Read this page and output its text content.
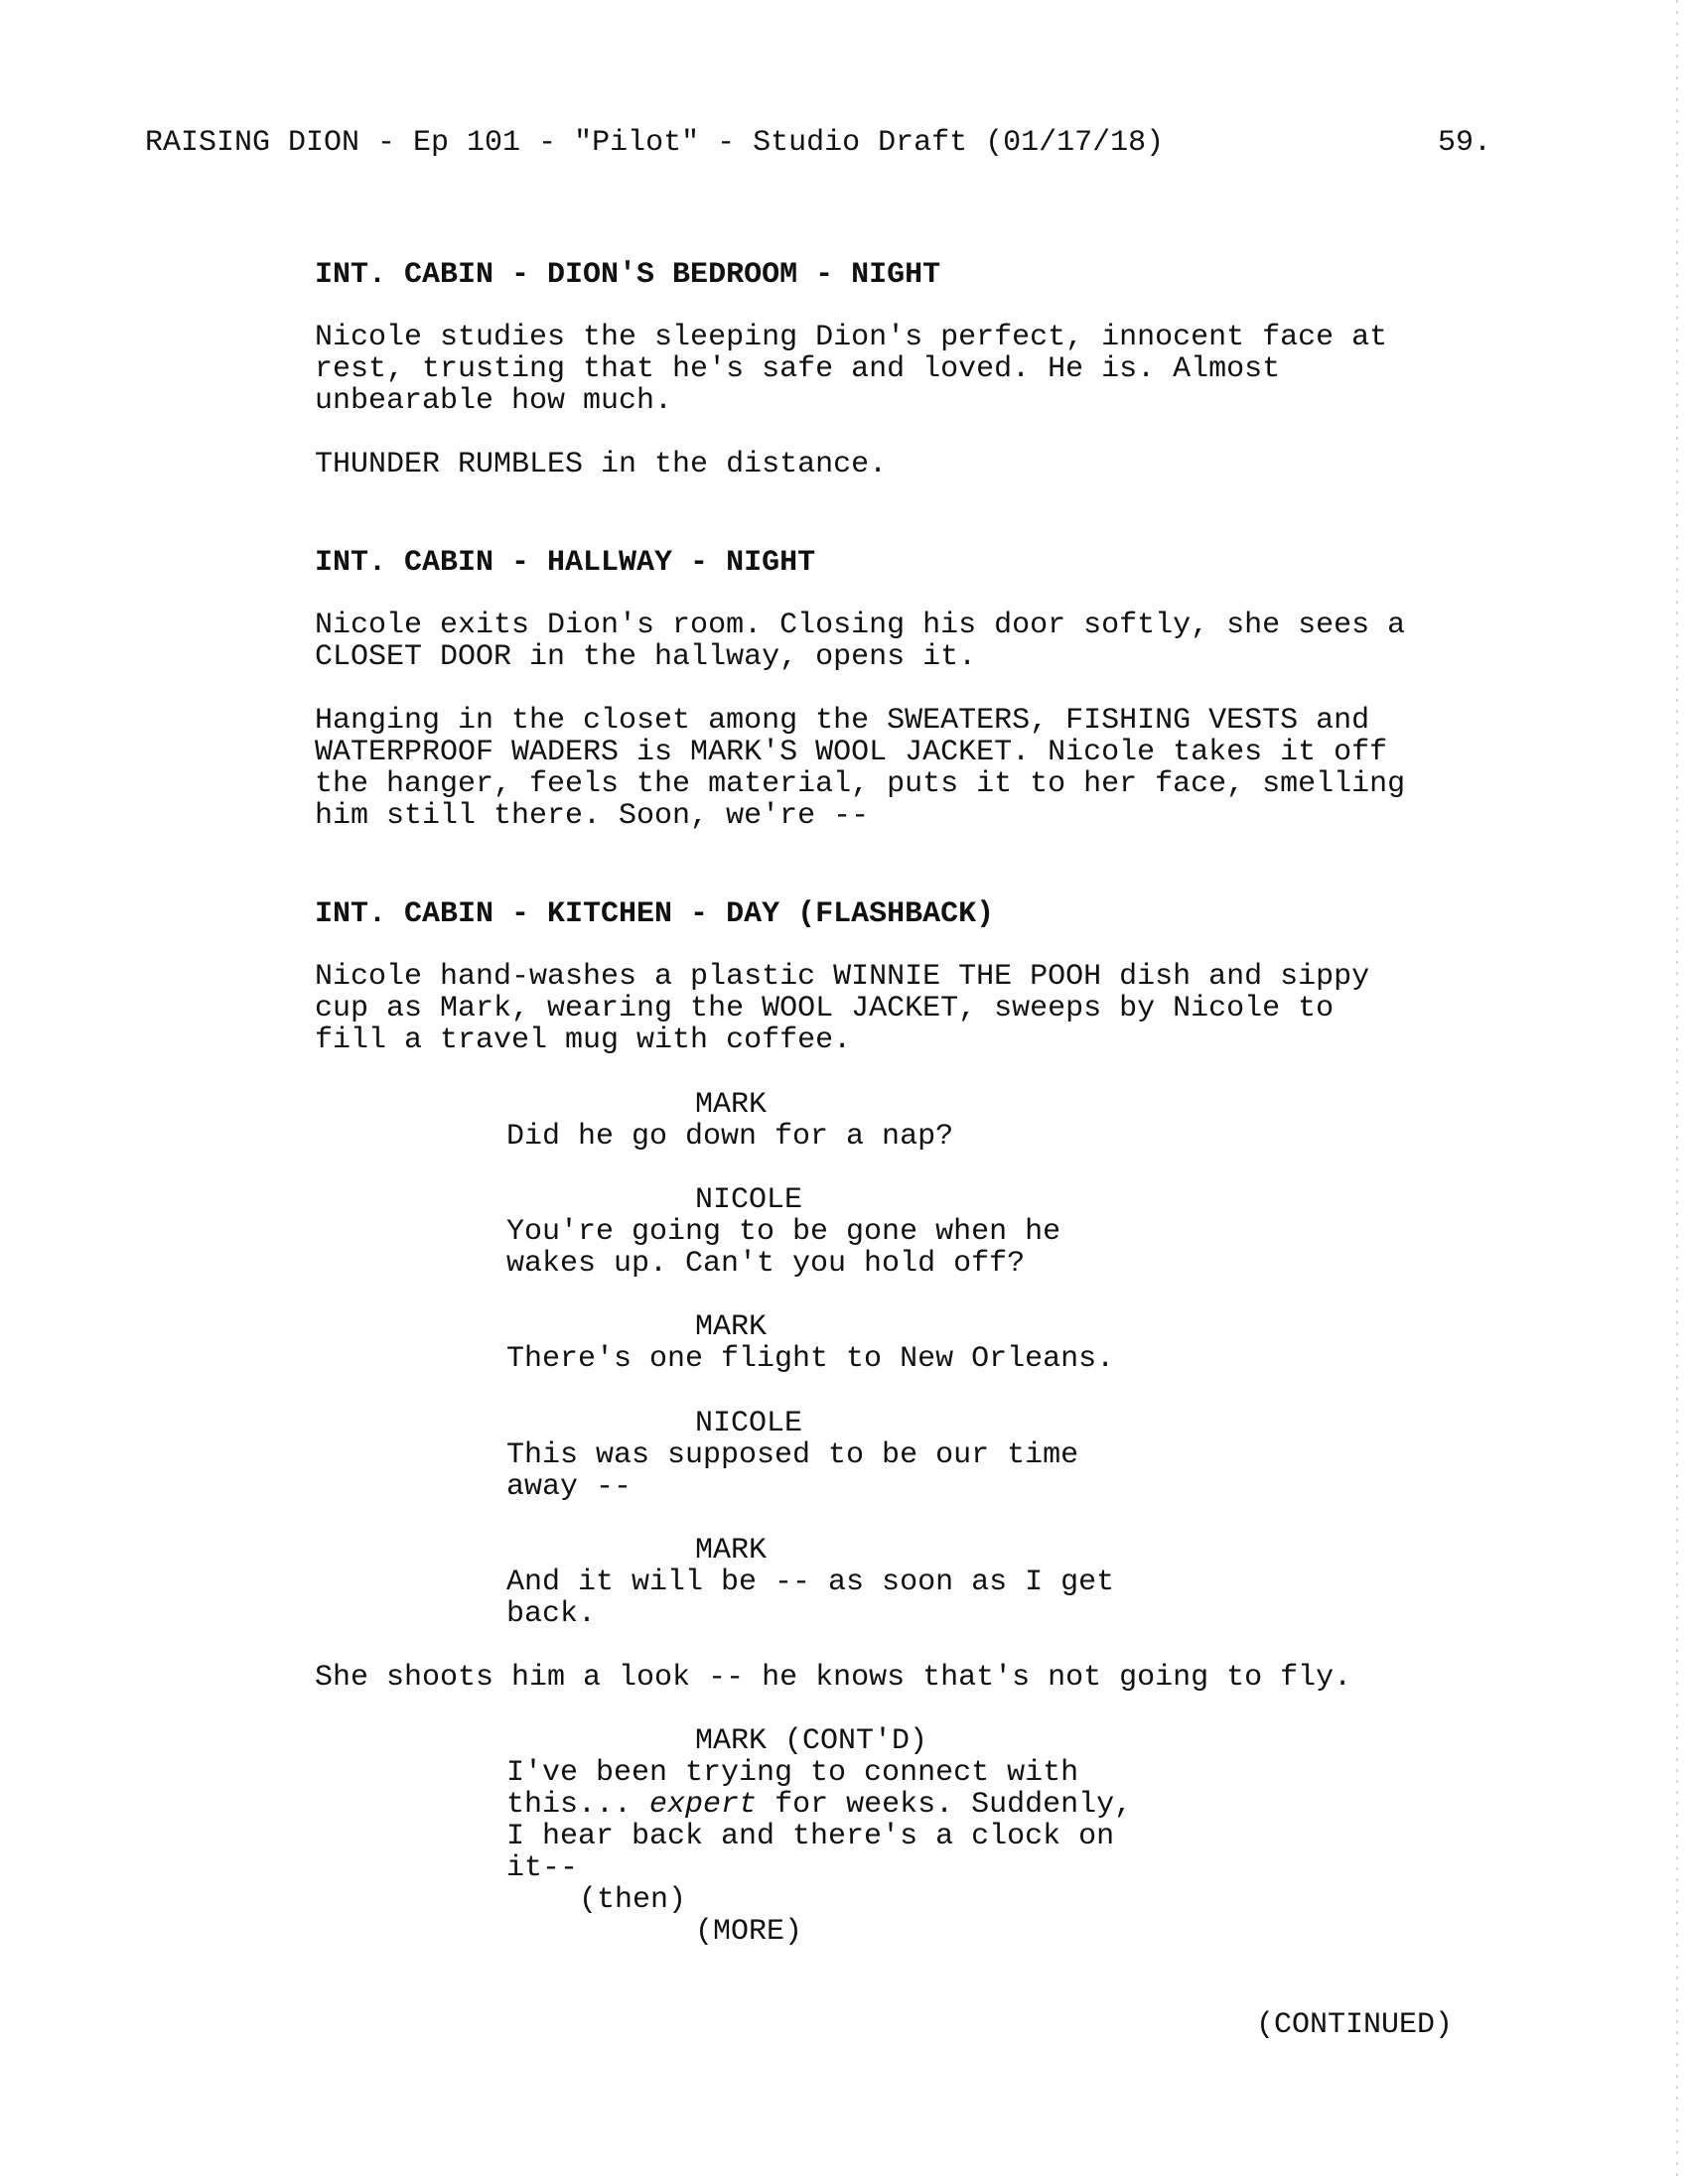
RAISING DION - Ep 101 - "Pilot" - Studio Draft (01/17/18)	59.
INT. CABIN - DION'S BEDROOM - NIGHT
Nicole studies the sleeping Dion's perfect, innocent face at
rest, trusting that he's safe and loved. He is. Almost
unbearable how much.
THUNDER RUMBLES in the distance.
INT. CABIN - HALLWAY - NIGHT
Nicole exits Dion's room. Closing his door softly, she sees a
CLOSET DOOR in the hallway, opens it.
Hanging in the closet among the SWEATERS, FISHING VESTS and
WATERPROOF WADERS is MARK'S WOOL JACKET. Nicole takes it off
the hanger, feels the material, puts it to her face, smelling
him still there. Soon, we're --
INT. CABIN - KITCHEN - DAY (FLASHBACK)
Nicole hand-washes a plastic WINNIE THE POOH dish and sippy
cup as Mark, wearing the WOOL JACKET, sweeps by Nicole to
fill a travel mug with coffee.
MARK
Did he go down for a nap?
NICOLE
You're going to be gone when he
wakes up. Can't you hold off?
MARK
There's one flight to New Orleans.
NICOLE
This was supposed to be our time
away --
MARK
And it will be -- as soon as I get
back.
She shoots him a look -- he knows that's not going to fly.
MARK (CONT'D)
I've been trying to connect with
this... expert for weeks. Suddenly,
I hear back and there's a clock on
it--
(then)
(MORE)
(CONTINUED)
